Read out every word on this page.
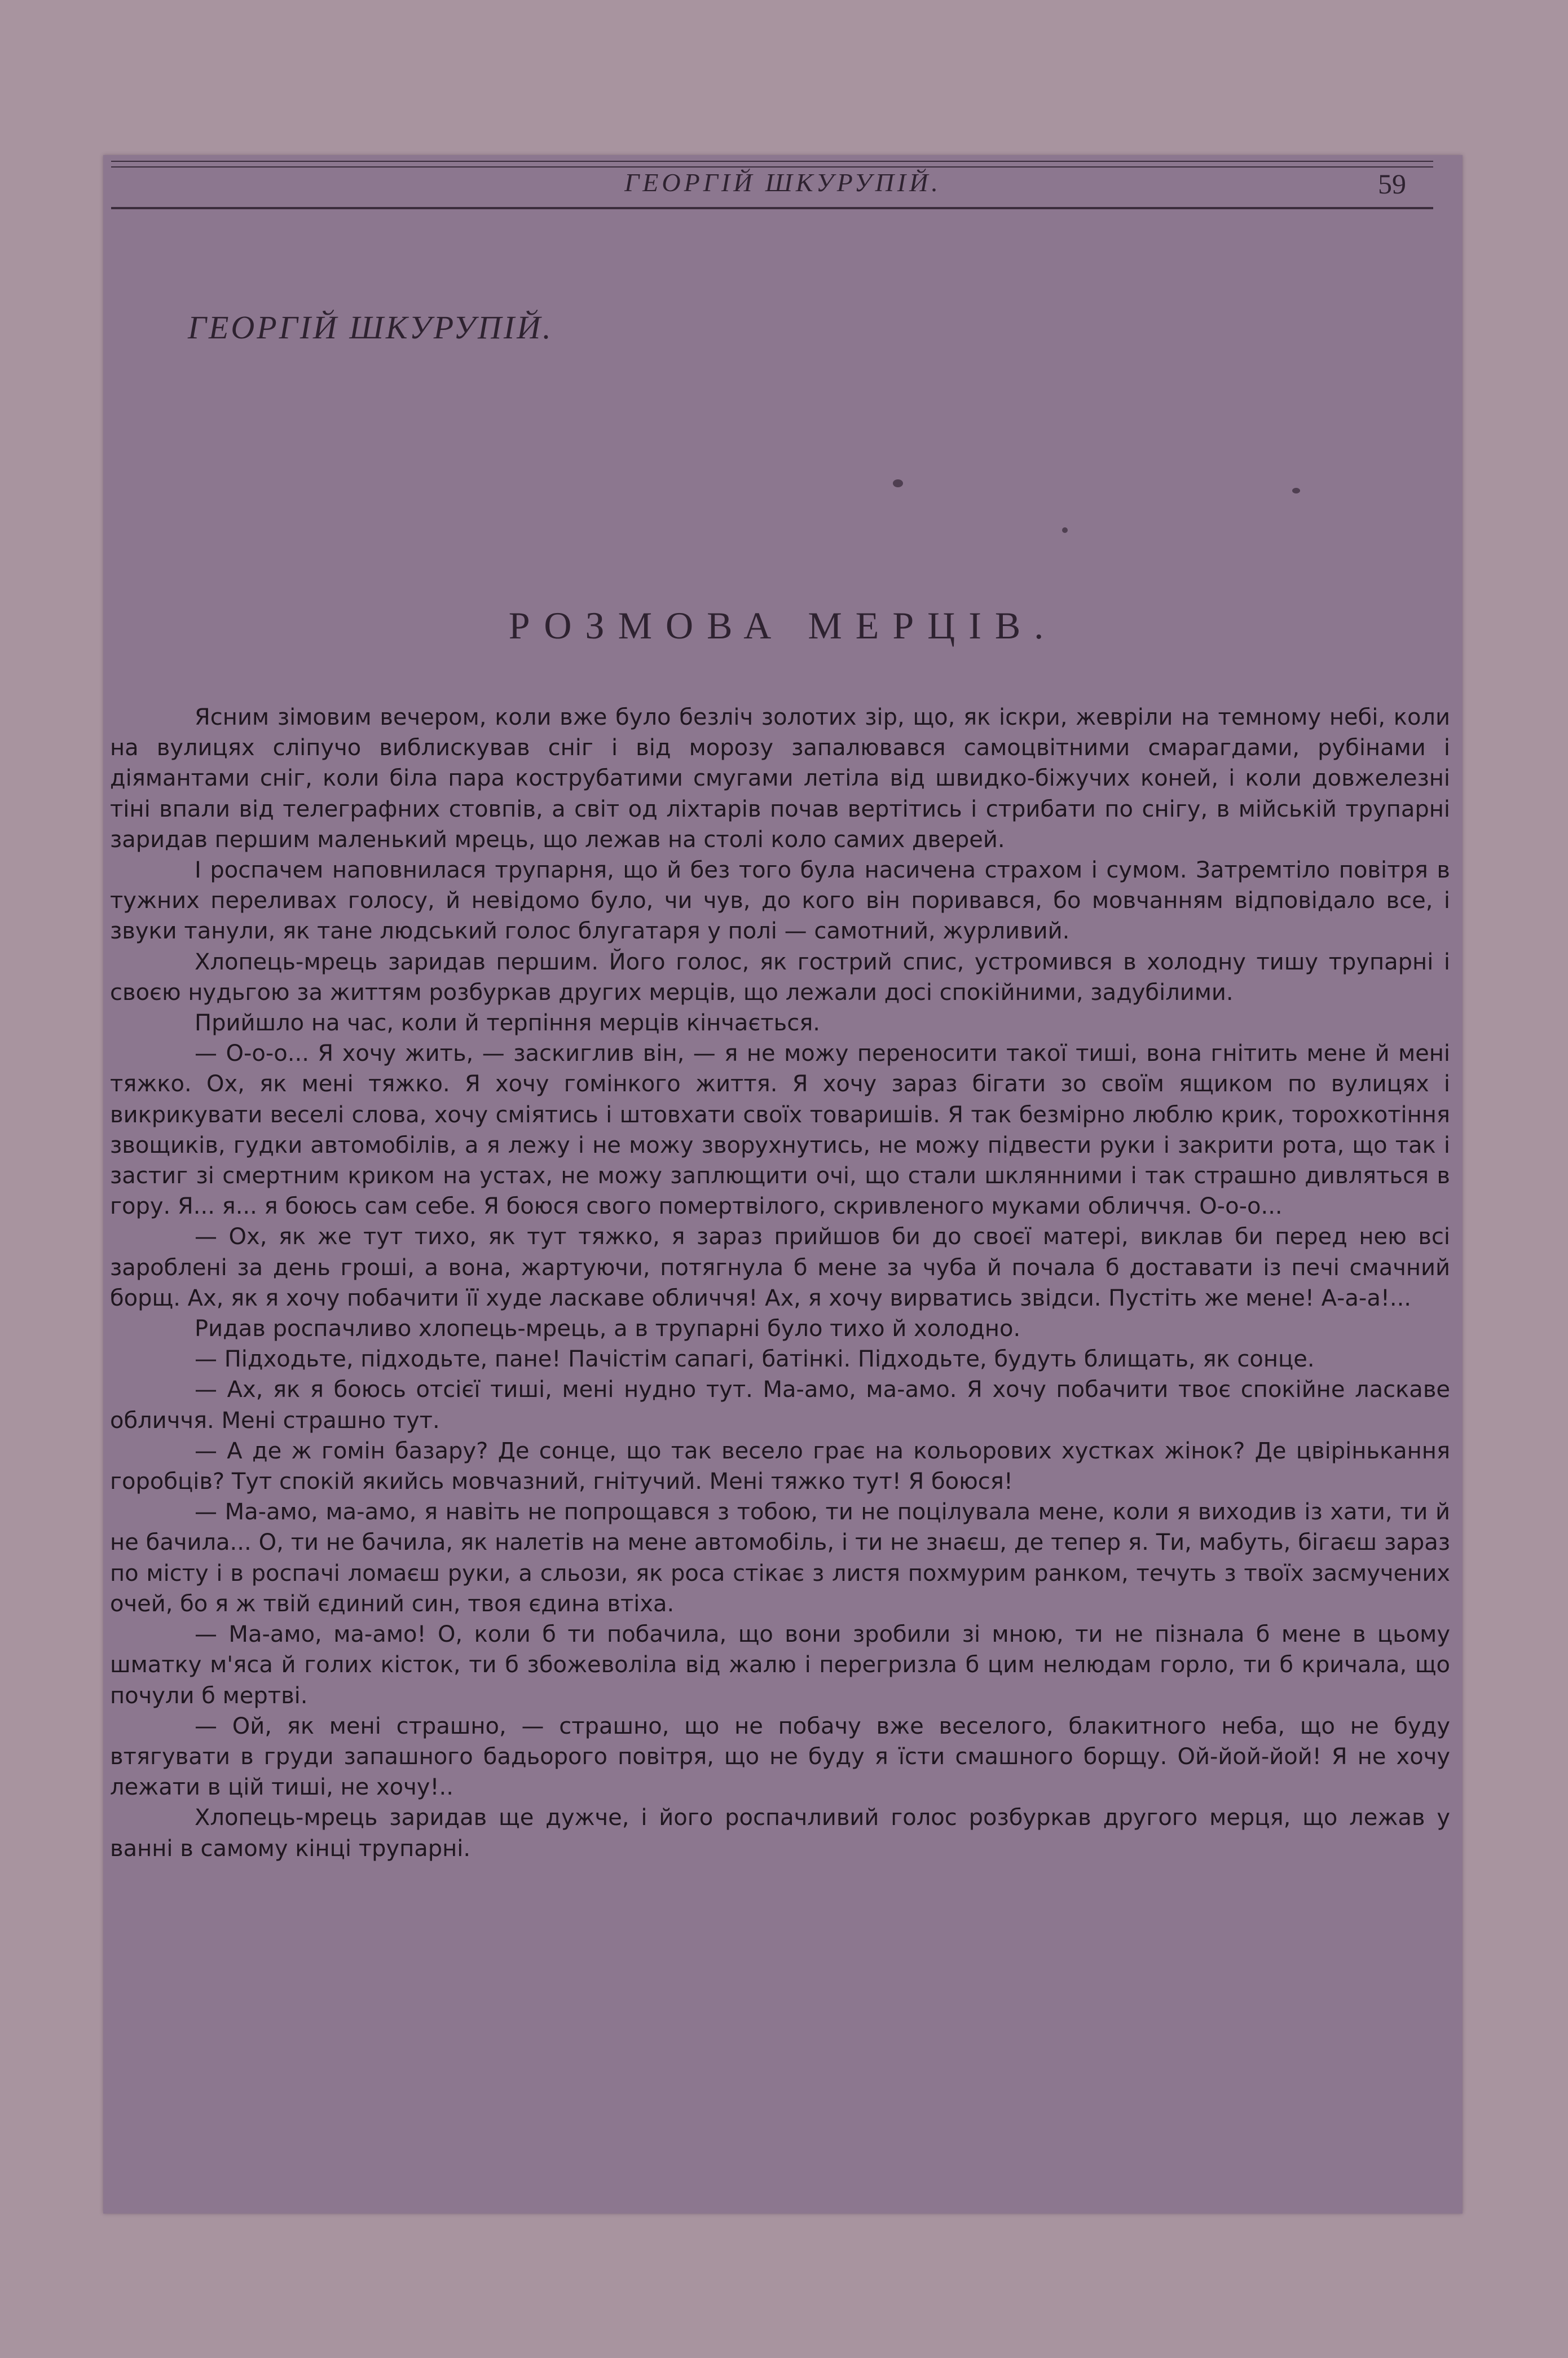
ГЕОРГІЙ ШКУРУПІЙ.	59
ГЕОРГІЙ ШКУРУПІЙ.
РОЗМОВА МЕРЦІВ.

Ясним зімовим вечером, коли вже було безліч золотих зір, що, як іскри, жевріли на темному небі, коли на вулицях сліпучо виблискував сніг і від морозу запалювався самоцвітними смарагдами, рубінами і діямантами сніг, коли біла пара кострубатими смугами летіла від швидко-біжучих коней, і коли довжелезні тіні впали від телеграфних стовпів, а світ од ліхтарів почав вертітись і стрибати по снігу, в мійській трупарні заридав першим маленький мрець, що лежав на столі коло самих дверей.

І роспачем наповнилася трупарня, що й без того була насичена страхом і сумом. Затремтіло повітря в тужних переливах голосу, й невідомо було, чи чув, до кого він поривався, бо мовчанням відповідало все, і звуки танули, як тане людський голос блугатаря у полі — самотний, журливий.

Хлопець-мрець заридав першим. Його голос, як гострий спис, устромився в холодну тишу трупарні і своєю нудьгою за життям розбуркав других мерців, що лежали досі спокійними, задубілими.

Прийшло на час, коли й терпіння мерців кінчається.

— О-о-о... Я хочу жить, — заскиглив він, — я не можу переносити такої тиші, вона гнітить мене й мені тяжко. Ох, як мені тяжко. Я хочу гомінкого життя. Я хочу зараз бігати зо своїм ящиком по вулицях і викрикувати веселі слова, хочу сміятись і штовхати своїх товаришів. Я так безмірно люблю крик, торохкотіння звощиків, гудки автомобілів, а я лежу і не можу зворухнутись, не можу підвести руки і закрити рота, що так і застиг зі смертним криком на устах, не можу заплющити очі, що стали шклянними і так страшно дивляться в гору. Я... я... я боюсь сам себе. Я боюся свого помертвілого, скривленого муками обличчя. О-о-о...

— Ох, як же тут тихо, як тут тяжко, я зараз прийшов би до своєї матері, виклав би перед нею всі зароблені за день гроші, а вона, жартуючи, потягнула б мене за чуба й почала б доставати із печі смачний борщ. Ах, як я хочу побачити її худе ласкаве обличчя! Ах, я хочу вирватись звідси. Пустіть же мене! А-а-а!...

Ридав роспачливо хлопець-мрець, а в трупарні було тихо й холодно.

— Підходьте, підходьте, пане! Пачістім сапагі, батінкі. Підходьте, будуть блищать, як сонце.

— Ах, як я боюсь отсієї тиші, мені нудно тут. Ма-амо, ма-амо. Я хочу побачити твоє спокійне ласкаве обличчя. Мені страшно тут.

— А де ж гомін базару? Де сонце, що так весело грає на кольорових хустках жінок? Де цвірінькання горобців? Тут спокій якийсь мовчазний, гнітучий. Мені тяжко тут! Я боюся!

— Ма-амо, ма-амо, я навіть не попрощався з тобою, ти не поцілувала мене, коли я виходив із хати, ти й не бачила... О, ти не бачила, як налетів на мене автомобіль, і ти не знаєш, де тепер я. Ти, мабуть, бігаєш зараз по місту і в роспачі ломаєш руки, а сльози, як роса стікає з листя похмурим ранком, течуть з твоїх засмучених очей, бо я ж твій єдиний син, твоя єдина втіха.

— Ма-амо, ма-амо! О, коли б ти побачила, що вони зробили зі мною, ти не пізнала б мене в цьому шматку м'яса й голих кісток, ти б збожеволіла від жалю і перегризла б цим нелюдам горло, ти б кричала, що почули б мертві.

— Ой, як мені страшно, — страшно, що не побачу вже веселого, блакитного неба, що не буду втягувати в груди запашного бадьорого повітря, що не буду я їсти смашного борщу. Ой-йой-йой! Я не хочу лежати в цій тиші, не хочу!..

Хлопець-мрець заридав ще дужче, і його роспачливий голос розбуркав другого мерця, що лежав у ванні в самому кінці трупарні.
